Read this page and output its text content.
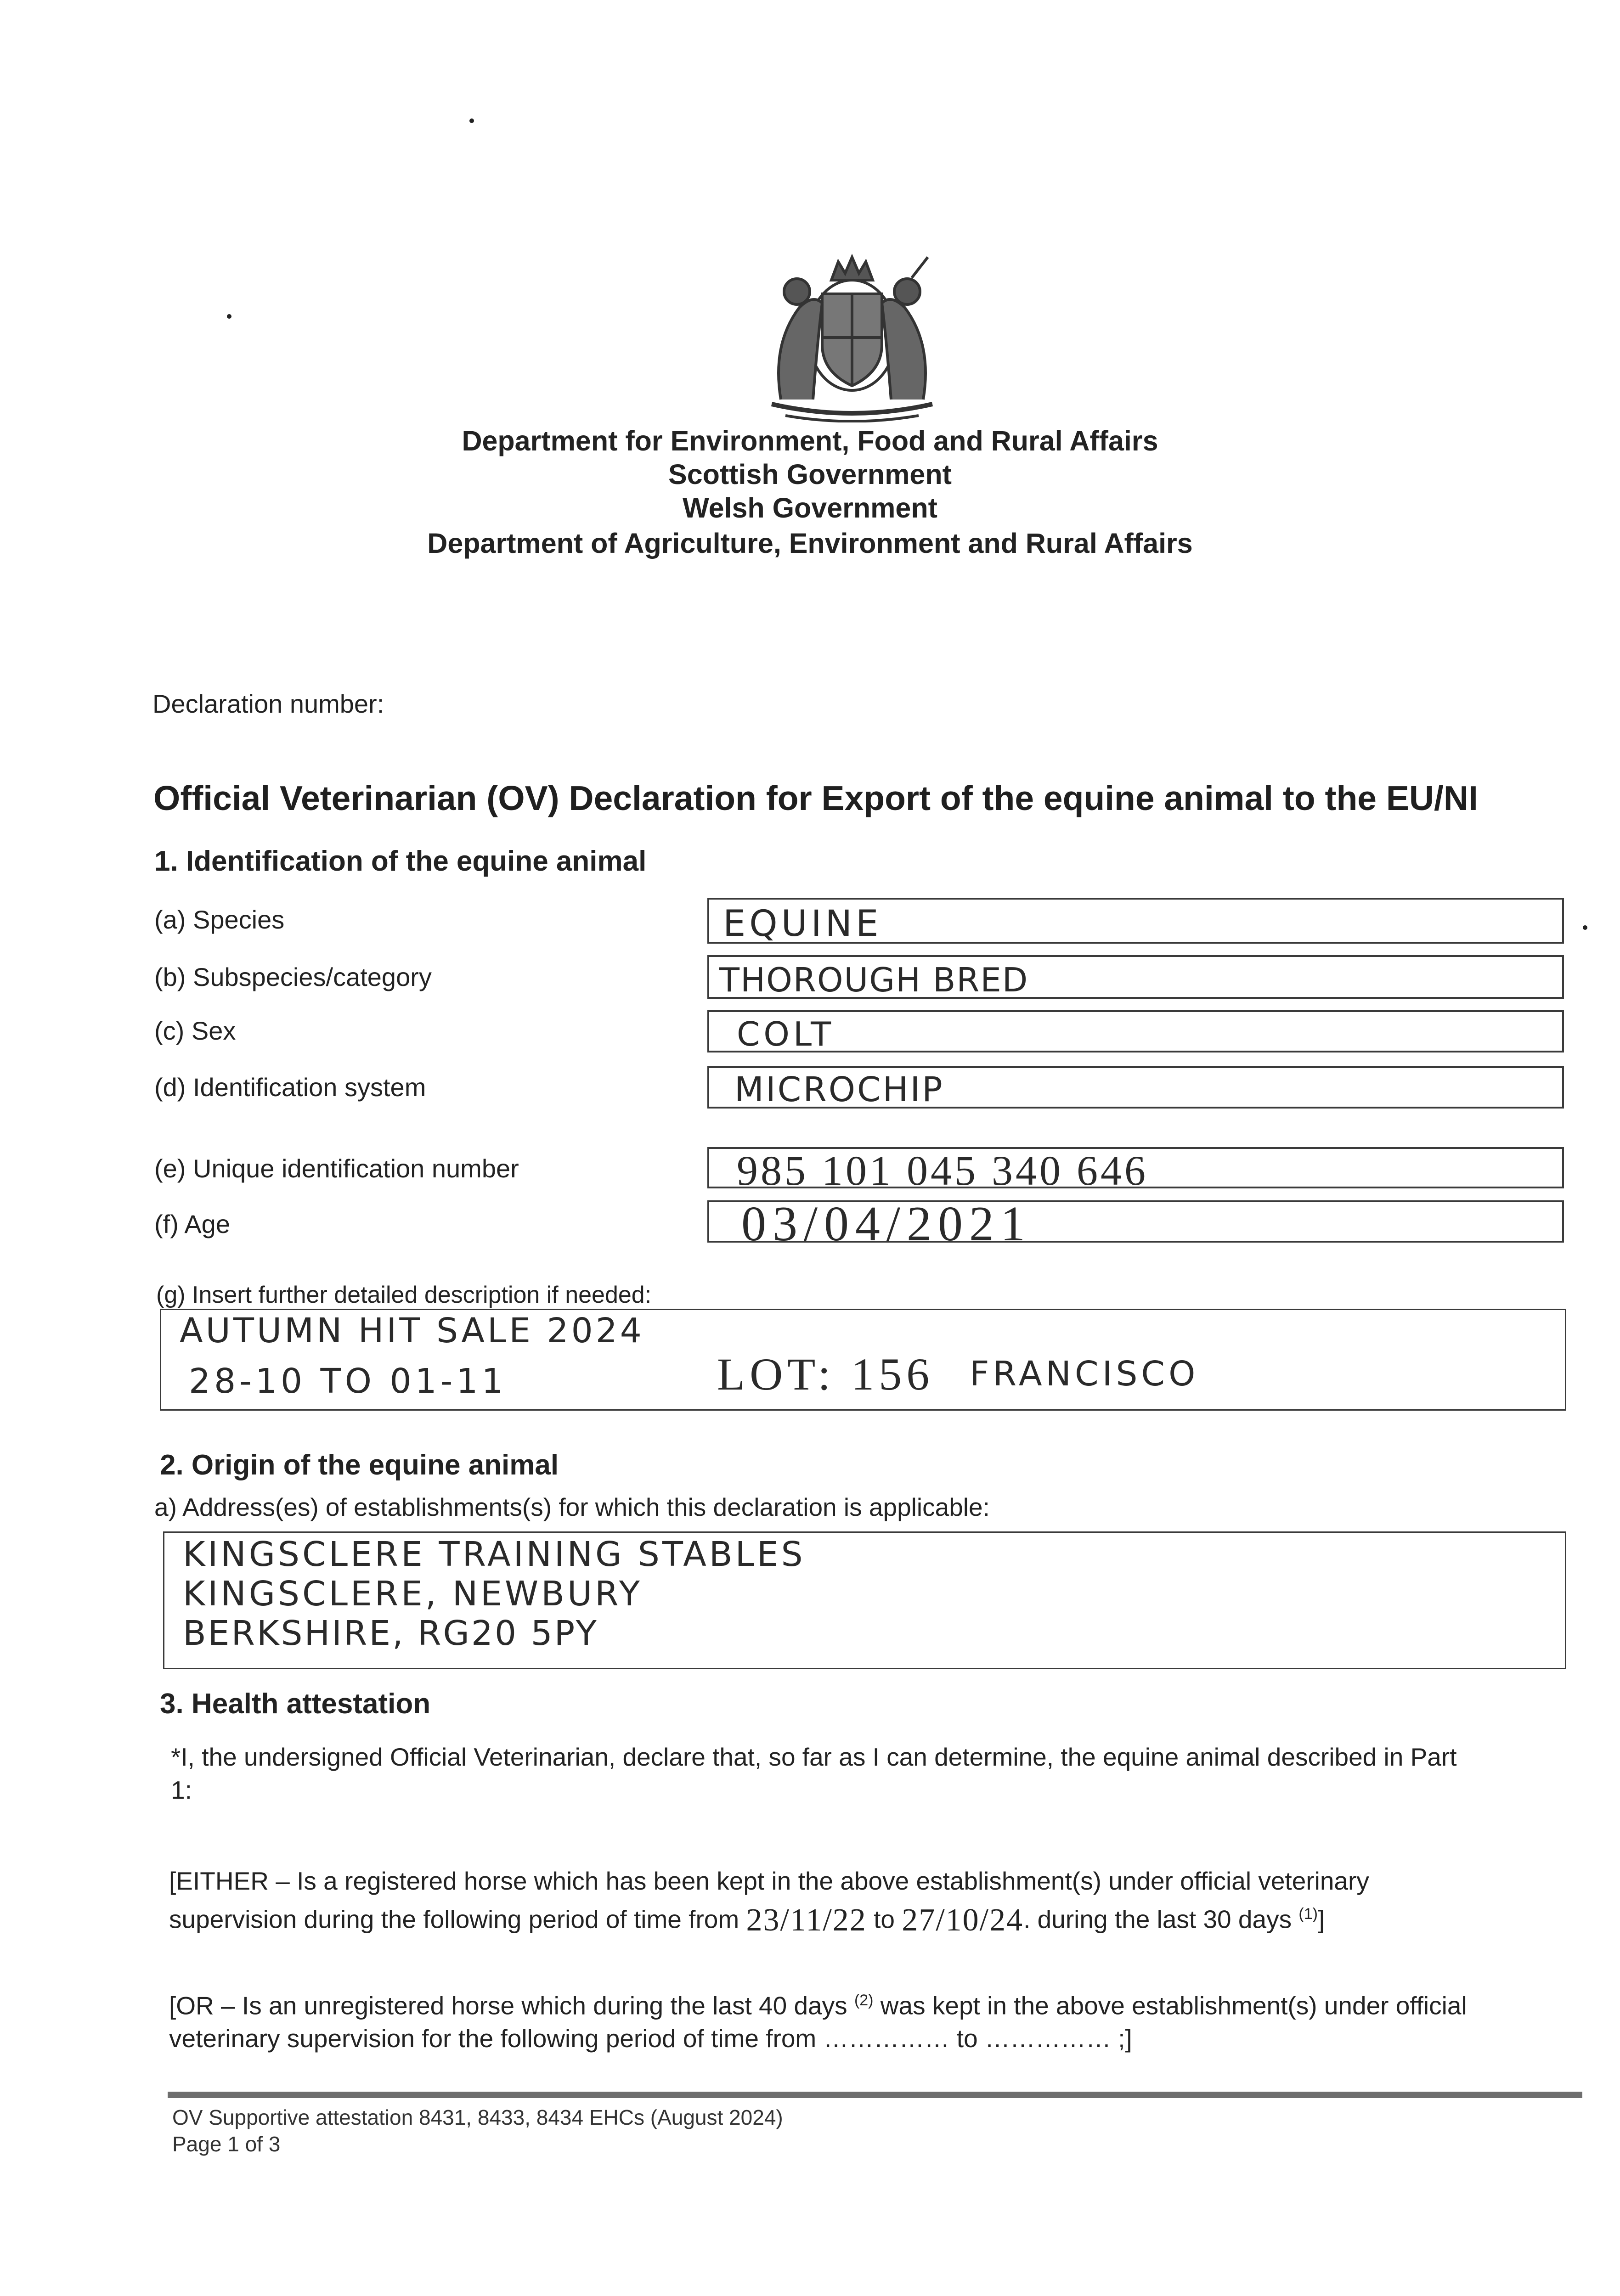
Department for Environment, Food and Rural Affairs
Scottish Government
Welsh Government
Department of Agriculture, Environment and Rural Affairs
Declaration number:
Official Veterinarian (OV) Declaration for Export of the equine animal to the EU/NI
1. Identification of the equine animal
(a) Species	EQUINE
(b) Subspecies/category	THOROUGH BRED
(c) Sex	COLT
(d) Identification system	MICROCHIP
(e) Unique identification number	985 101 045 340 646
(f) Age	03/04/2021
(g) Insert further detailed description if needed:
AUTUMN HIT SALE 2024
28-10 TO 01-11	LOT: 156 FRANCISCO
2. Origin of the equine animal
a) Address(es) of establishments(s) for which this declaration is applicable:
KINGSCLERE TRAINING STABLES
KINGSCLERE, NEWBURY
BERKSHIRE, RG20 5PY
3. Health attestation
*I, the undersigned Official Veterinarian, declare that, so far as I can determine, the equine animal described in Part
1:
[EITHER – Is a registered horse which has been kept in the above establishment(s) under official veterinary
supervision during the following period of time from 23/11/22 to 27/10/24. during the last 30 days $^{(1)}$]
[OR – Is an unregistered horse which during the last 40 days $^{(2)}$ was kept in the above establishment(s) under official
veterinary supervision for the following period of time from …………… to …………… ;]
OV Supportive attestation 8431, 8433, 8434 EHCs (August 2024)
Page 1 of 3
